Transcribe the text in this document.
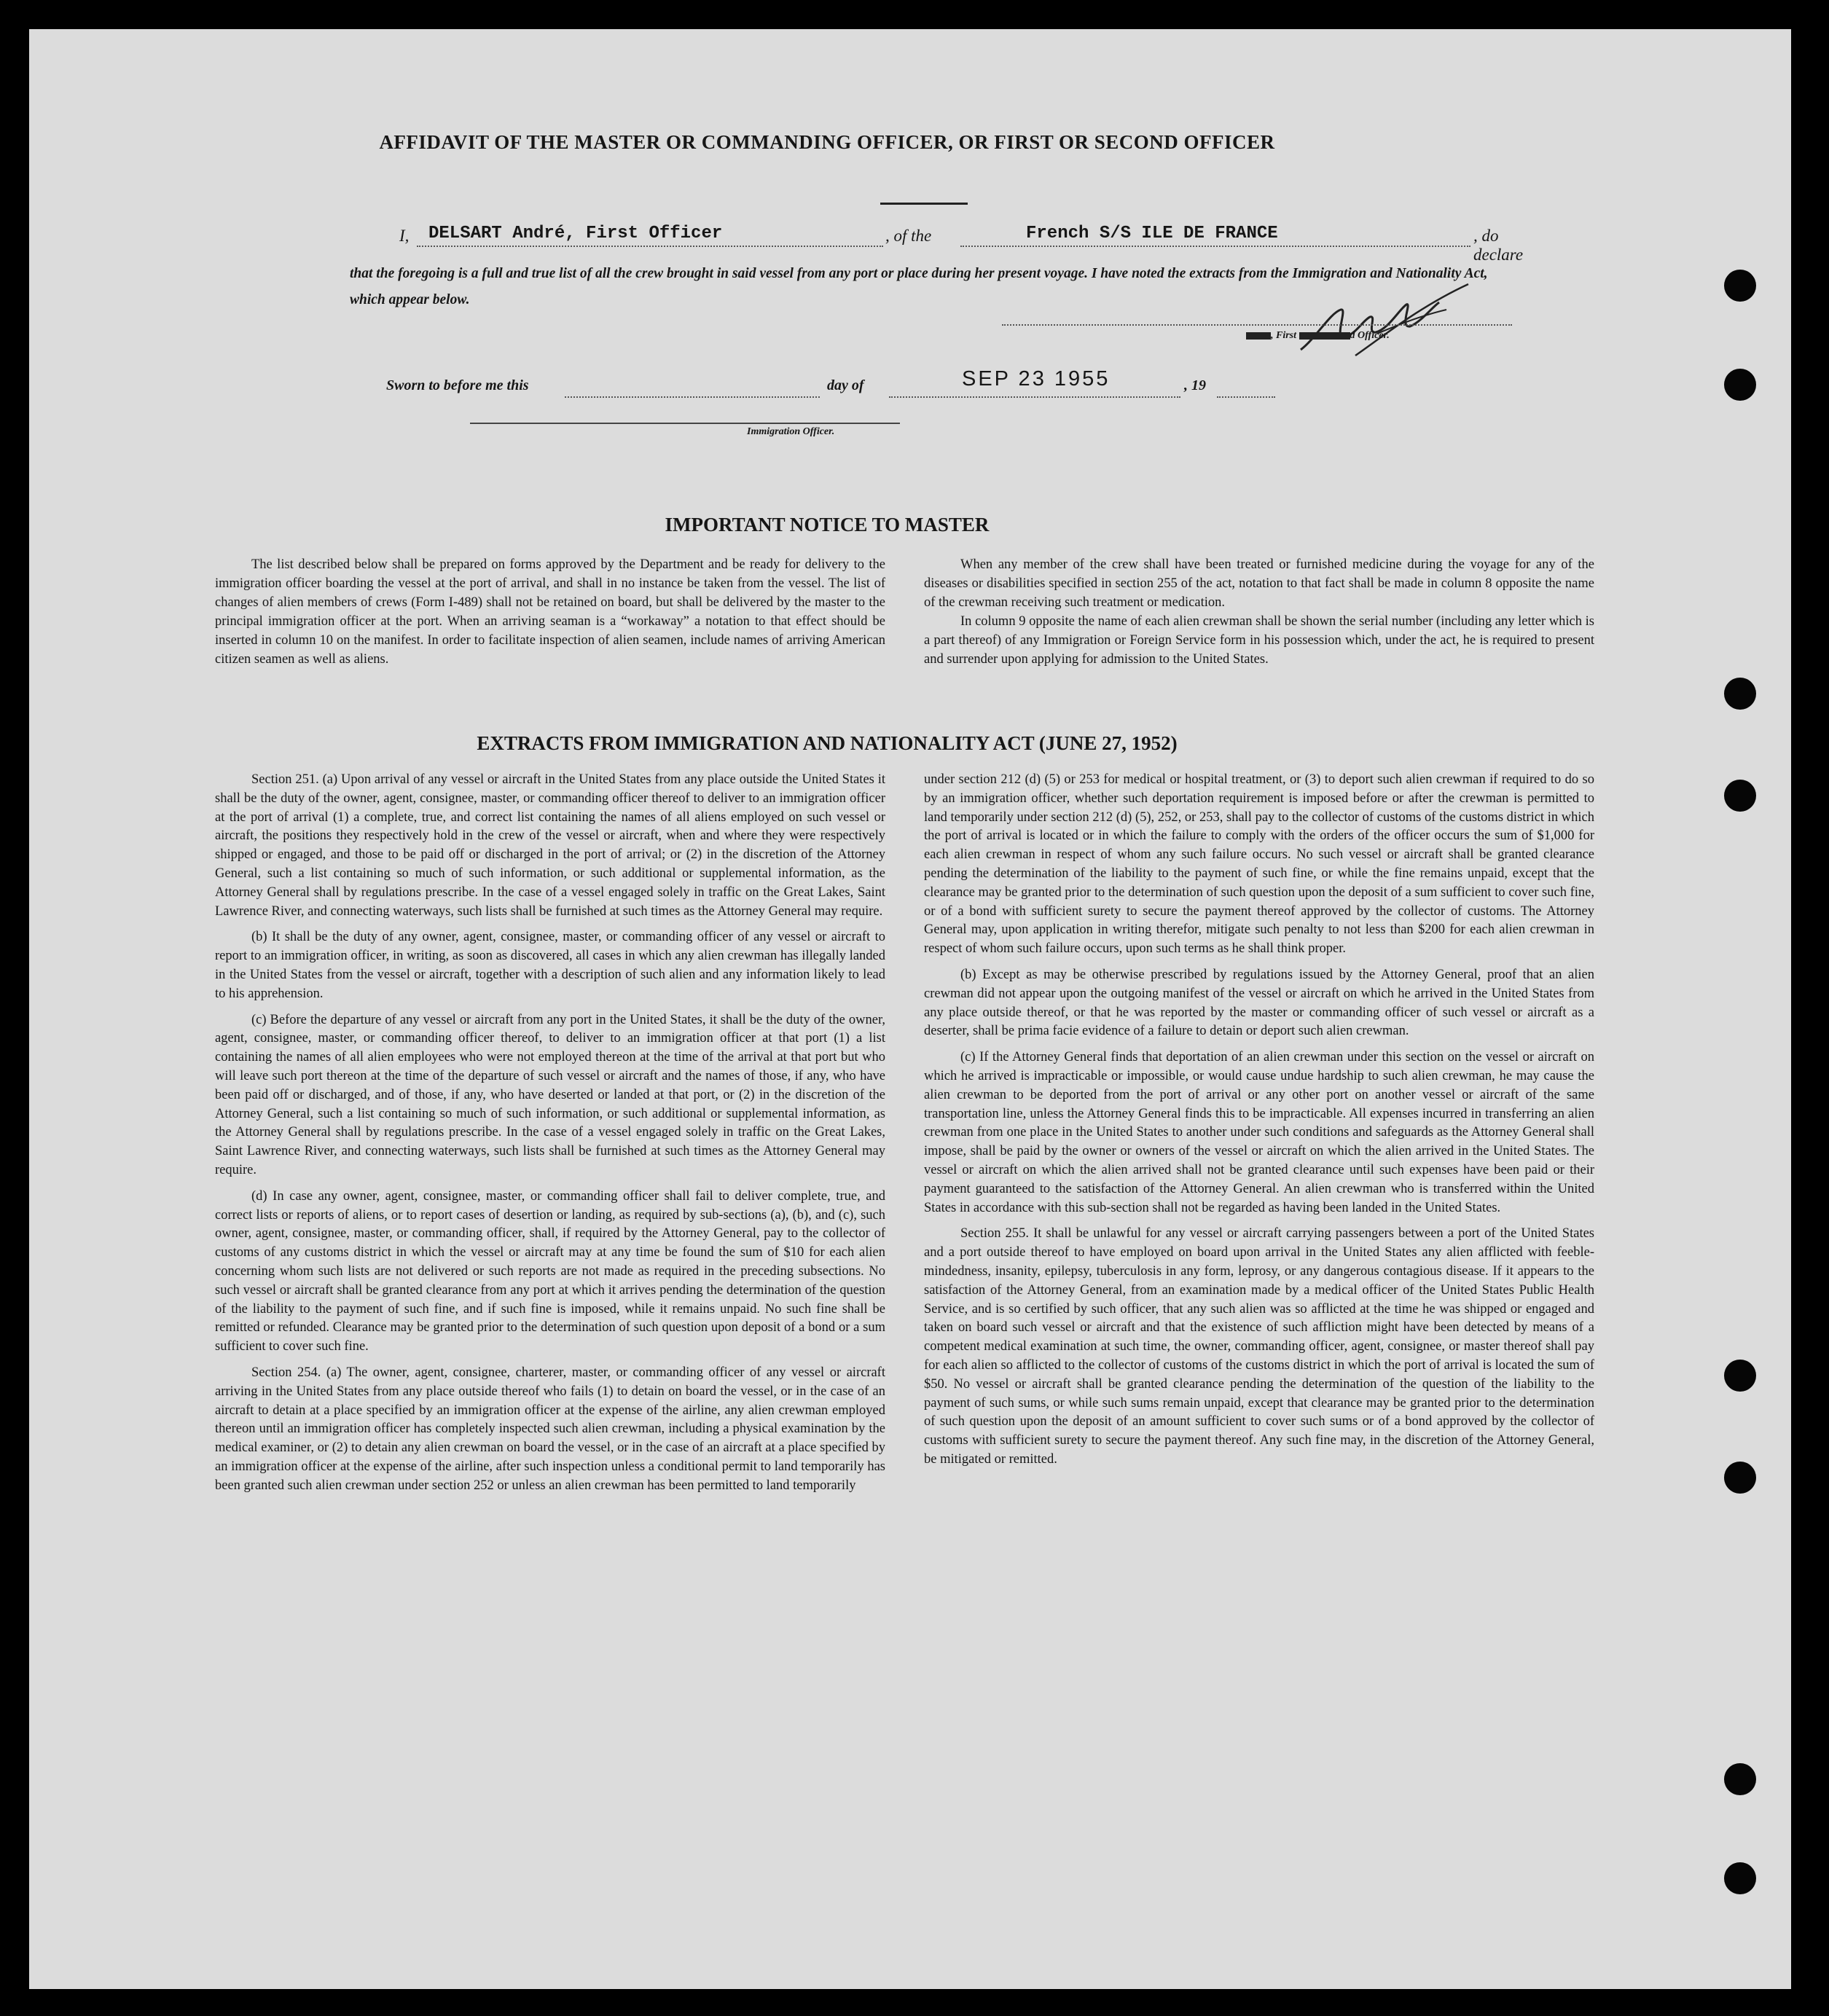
AFFIDAVIT OF THE MASTER OR COMMANDING OFFICER, OR FIRST OR SECOND OFFICER
I, DELSART André, First Officer	, of the	French S/S ILE DE FRANCE	, do declare
that the foregoing is a full and true list of all the crew brought in said vessel from any port or place during her present voyage. I have noted the extracts from the Immigration and Nationality Act, which appear below.
, First	d Officer.
Sworn to before me this	day of	SEP 23 1955	, 19
Immigration Officer.
IMPORTANT NOTICE TO MASTER

The list described below shall be prepared on forms approved by the Department and be ready for delivery to the immigration officer boarding the vessel at the port of arrival, and shall in no instance be taken from the vessel. The list of changes of alien members of crews (Form I-489) shall not be retained on board, but shall be delivered by the master to the principal immigration officer at the port. When an arriving seaman is a “workaway” a notation to that effect should be inserted in column 10 on the manifest. In order to facilitate inspection of alien seamen, include names of arriving American citizen seamen as well as aliens.

When any member of the crew shall have been treated or furnished medicine during the voyage for any of the diseases or disabilities specified in section 255 of the act, notation to that fact shall be made in column 8 opposite the name of the crewman receiving such treatment or medication.

In column 9 opposite the name of each alien crewman shall be shown the serial number (including any letter which is a part thereof) of any Immigration or Foreign Service form in his possession which, under the act, he is required to present and surrender upon applying for admission to the United States.

EXTRACTS FROM IMMIGRATION AND NATIONALITY ACT (JUNE 27, 1952)

Section 251. (a) Upon arrival of any vessel or aircraft in the United States from any place outside the United States it shall be the duty of the owner, agent, consignee, master, or commanding officer thereof to deliver to an immigration officer at the port of arrival (1) a complete, true, and correct list containing the names of all aliens employed on such vessel or aircraft, the positions they respectively hold in the crew of the vessel or aircraft, when and where they were respectively shipped or engaged, and those to be paid off or discharged in the port of arrival; or (2) in the discretion of the Attorney General, such a list containing so much of such information, or such additional or supplemental information, as the Attorney General shall by regulations prescribe. In the case of a vessel engaged solely in traffic on the Great Lakes, Saint Lawrence River, and connecting waterways, such lists shall be furnished at such times as the Attorney General may require.

(b) It shall be the duty of any owner, agent, consignee, master, or commanding officer of any vessel or aircraft to report to an immigration officer, in writing, as soon as discovered, all cases in which any alien crewman has illegally landed in the United States from the vessel or aircraft, together with a description of such alien and any information likely to lead to his apprehension.

(c) Before the departure of any vessel or aircraft from any port in the United States, it shall be the duty of the owner, agent, consignee, master, or commanding officer thereof, to deliver to an immigration officer at that port (1) a list containing the names of all alien employees who were not employed thereon at the time of the arrival at that port but who will leave such port thereon at the time of the departure of such vessel or aircraft and the names of those, if any, who have been paid off or discharged, and of those, if any, who have deserted or landed at that port, or (2) in the discretion of the Attorney General, such a list containing so much of such information, or such additional or supplemental information, as the Attorney General shall by regulations prescribe. In the case of a vessel engaged solely in traffic on the Great Lakes, Saint Lawrence River, and connecting waterways, such lists shall be furnished at such times as the Attorney General may require.

(d) In case any owner, agent, consignee, master, or commanding officer shall fail to deliver complete, true, and correct lists or reports of aliens, or to report cases of desertion or landing, as required by sub-sections (a), (b), and (c), such owner, agent, consignee, master, or commanding officer, shall, if required by the Attorney General, pay to the collector of customs of any customs district in which the vessel or aircraft may at any time be found the sum of $10 for each alien concerning whom such lists are not delivered or such reports are not made as required in the preceding subsections. No such vessel or aircraft shall be granted clearance from any port at which it arrives pending the determination of the question of the liability to the payment of such fine, and if such fine is imposed, while it remains unpaid. No such fine shall be remitted or refunded. Clearance may be granted prior to the determination of such question upon deposit of a bond or a sum sufficient to cover such fine.

Section 254. (a) The owner, agent, consignee, charterer, master, or commanding officer of any vessel or aircraft arriving in the United States from any place outside thereof who fails (1) to detain on board the vessel, or in the case of an aircraft to detain at a place specified by an immigration officer at the expense of the airline, any alien crewman employed thereon until an immigration officer has completely inspected such alien crewman, including a physical examination by the medical examiner, or (2) to detain any alien crewman on board the vessel, or in the case of an aircraft at a place specified by an immigration officer at the expense of the airline, after such inspection unless a conditional permit to land temporarily has been granted such alien crewman under section 252 or unless an alien crewman has been permitted to land temporarily

under section 212 (d) (5) or 253 for medical or hospital treatment, or (3) to deport such alien crewman if required to do so by an immigration officer, whether such deportation requirement is imposed before or after the crewman is permitted to land temporarily under section 212 (d) (5), 252, or 253, shall pay to the collector of customs of the customs district in which the port of arrival is located or in which the failure to comply with the orders of the officer occurs the sum of $1,000 for each alien crewman in respect of whom any such failure occurs. No such vessel or aircraft shall be granted clearance pending the determination of the liability to the payment of such fine, or while the fine remains unpaid, except that the clearance may be granted prior to the determination of such question upon the deposit of a sum sufficient to cover such fine, or of a bond with sufficient surety to secure the payment thereof approved by the collector of customs. The Attorney General may, upon application in writing therefor, mitigate such penalty to not less than $200 for each alien crewman in respect of whom such failure occurs, upon such terms as he shall think proper.

(b) Except as may be otherwise prescribed by regulations issued by the Attorney General, proof that an alien crewman did not appear upon the outgoing manifest of the vessel or aircraft on which he arrived in the United States from any place outside thereof, or that he was reported by the master or commanding officer of such vessel or aircraft as a deserter, shall be prima facie evidence of a failure to detain or deport such alien crewman.

(c) If the Attorney General finds that deportation of an alien crewman under this section on the vessel or aircraft on which he arrived is impracticable or impossible, or would cause undue hardship to such alien crewman, he may cause the alien crewman to be deported from the port of arrival or any other port on another vessel or aircraft of the same transportation line, unless the Attorney General finds this to be impracticable. All expenses incurred in transferring an alien crewman from one place in the United States to another under such conditions and safeguards as the Attorney General shall impose, shall be paid by the owner or owners of the vessel or aircraft on which the alien arrived in the United States. The vessel or aircraft on which the alien arrived shall not be granted clearance until such expenses have been paid or their payment guaranteed to the satisfaction of the Attorney General. An alien crewman who is transferred within the United States in accordance with this sub-section shall not be regarded as having been landed in the United States.

Section 255. It shall be unlawful for any vessel or aircraft carrying passengers between a port of the United States and a port outside thereof to have employed on board upon arrival in the United States any alien afflicted with feeble-mindedness, insanity, epilepsy, tuberculosis in any form, leprosy, or any dangerous contagious disease. If it appears to the satisfaction of the Attorney General, from an examination made by a medical officer of the United States Public Health Service, and is so certified by such officer, that any such alien was so afflicted at the time he was shipped or engaged and taken on board such vessel or aircraft and that the existence of such affliction might have been detected by means of a competent medical examination at such time, the owner, commanding officer, agent, consignee, or master thereof shall pay for each alien so afflicted to the collector of customs of the customs district in which the port of arrival is located the sum of $50. No vessel or aircraft shall be granted clearance pending the determination of the question of the liability to the payment of such sums, or while such sums remain unpaid, except that clearance may be granted prior to the determination of such question upon the deposit of an amount sufficient to cover such sums or of a bond approved by the collector of customs with sufficient surety to secure the payment thereof. Any such fine may, in the discretion of the Attorney General, be mitigated or remitted.
